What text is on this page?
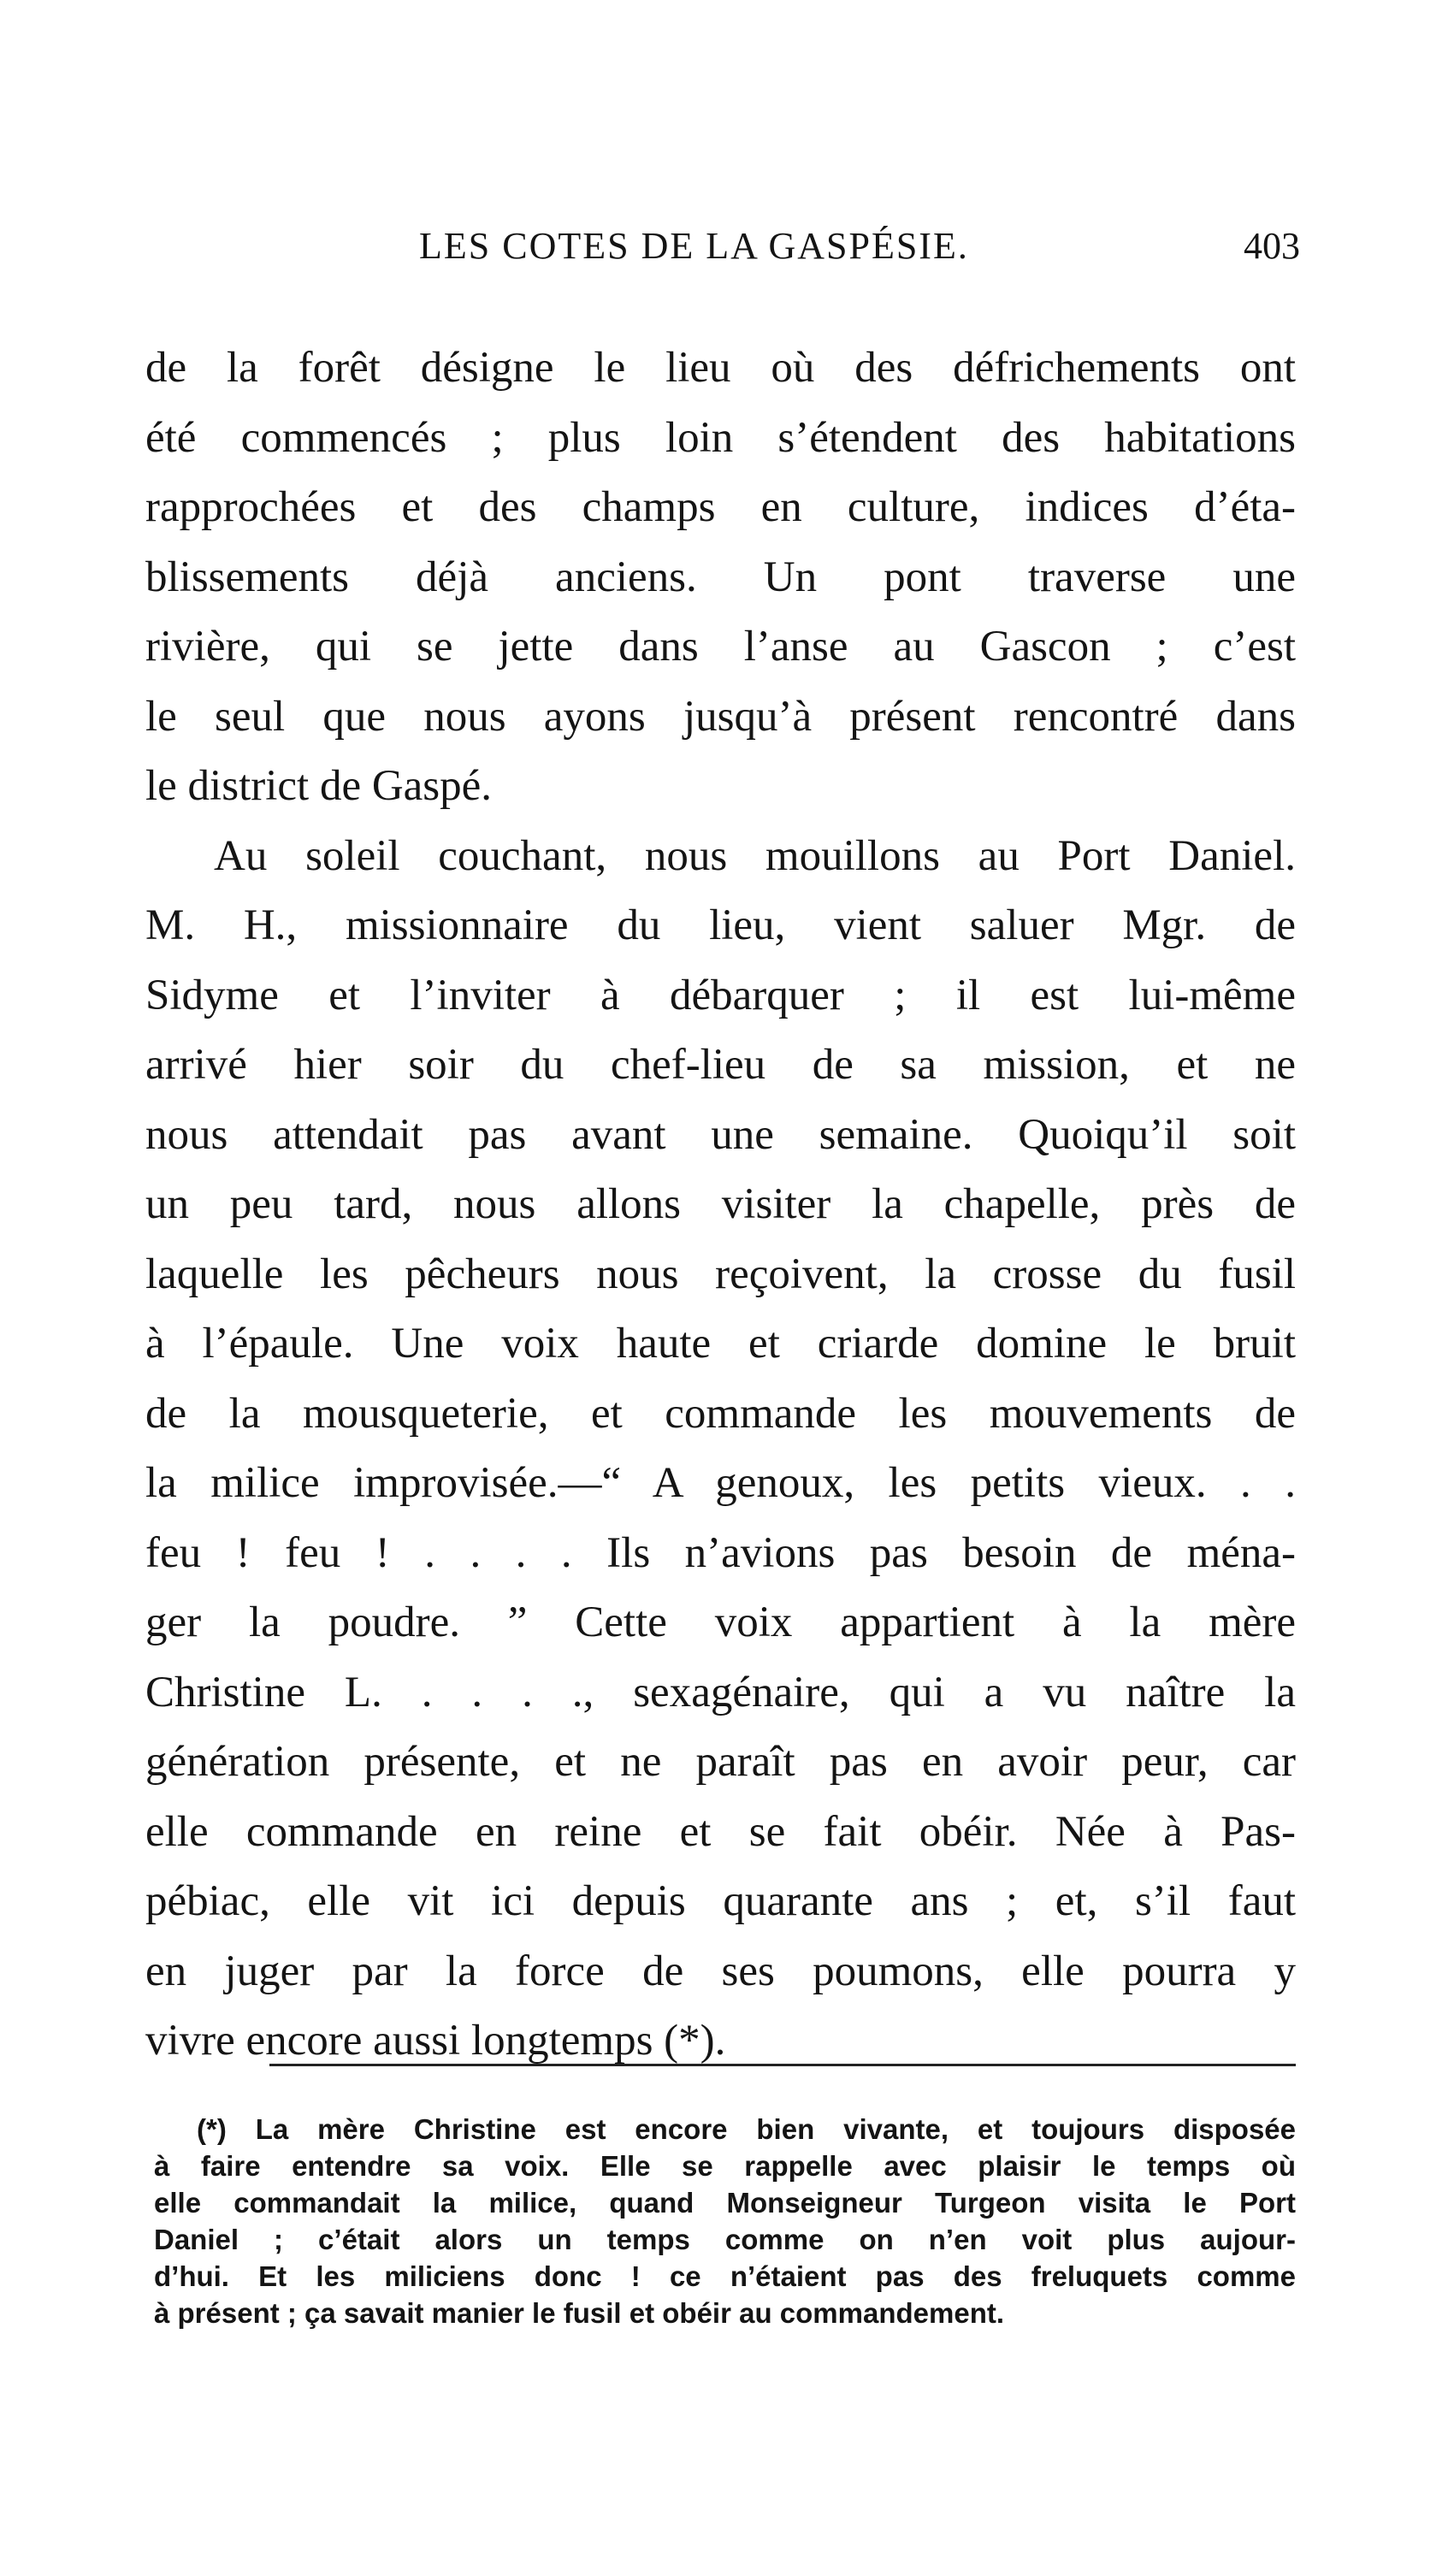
LES COTES DE LA GASPÉSIE.	403
de la forêt désigne le lieu où des défrichements ont
été commencés ; plus loin s’étendent des habitations
rapprochées et des champs en culture, indices d’éta-
blissements déjà anciens. Un pont traverse une
rivière, qui se jette dans l’anse au Gascon ; c’est
le seul que nous ayons jusqu’à présent rencontré dans
le district de Gaspé.
Au soleil couchant, nous mouillons au Port Daniel.
M. H., missionnaire du lieu, vient saluer Mgr. de
Sidyme et l’inviter à débarquer ; il est lui-même
arrivé hier soir du chef-lieu de sa mission, et ne
nous attendait pas avant une semaine. Quoiqu’il soit
un peu tard, nous allons visiter la chapelle, près de
laquelle les pêcheurs nous reçoivent, la crosse du fusil
à l’épaule. Une voix haute et criarde domine le bruit
de la mousqueterie, et commande les mouvements de
la milice improvisée.—“ A genoux, les petits vieux. . .
feu ! feu ! . . . . Ils n’avions pas besoin de ména-
ger la poudre. ” Cette voix appartient à la mère
Christine L. . . . ., sexagénaire, qui a vu naître la
génération présente, et ne paraît pas en avoir peur, car
elle commande en reine et se fait obéir. Née à Pas-
pébiac, elle vit ici depuis quarante ans ; et, s’il faut
en juger par la force de ses poumons, elle pourra y
vivre encore aussi longtemps (*).
(*) La mère Christine est encore bien vivante, et toujours disposée
à faire entendre sa voix. Elle se rappelle avec plaisir le temps où
elle commandait la milice, quand Monseigneur Turgeon visita le Port
Daniel ; c’était alors un temps comme on n’en voit plus aujour-
d’hui. Et les miliciens donc ! ce n’étaient pas des freluquets comme
à présent ; ça savait manier le fusil et obéir au commandement.
